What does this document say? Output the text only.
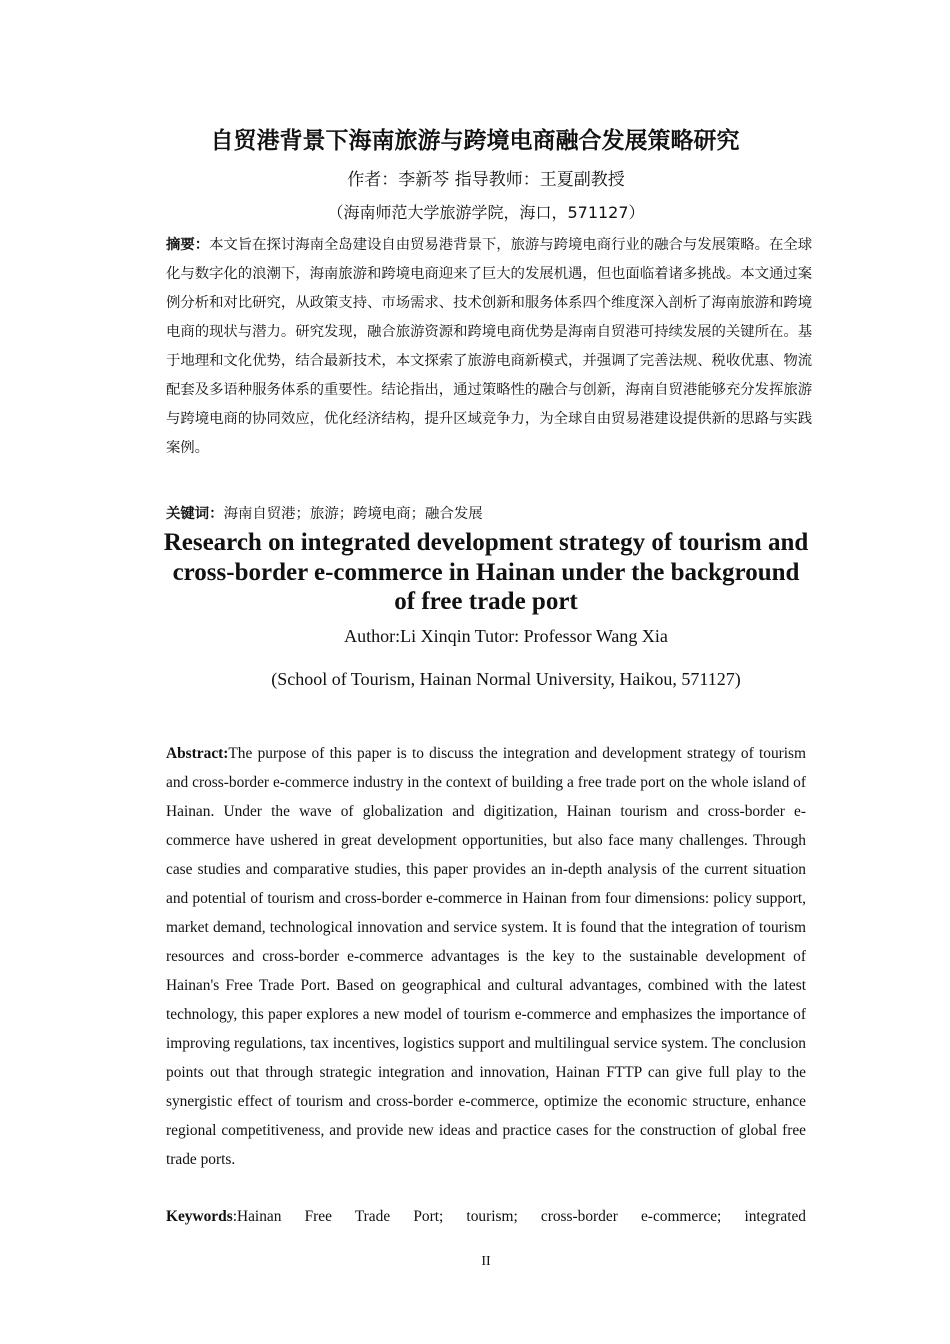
自贸港背景下海南旅游与跨境电商融合发展策略研究
作者：李新芩 指导教师：王夏副教授
（海南师范大学旅游学院，海口，571127）
摘要：本文旨在探讨海南全岛建设自由贸易港背景下，旅游与跨境电商行业的融合与发展策略。在全球化与数字化的浪潮下，海南旅游和跨境电商迎来了巨大的发展机遇，但也面临着诸多挑战。本文通过案例分析和对比研究，从政策支持、市场需求、技术创新和服务体系四个维度深入剖析了海南旅游和跨境电商的现状与潜力。研究发现，融合旅游资源和跨境电商优势是海南自贸港可持续发展的关键所在。基于地理和文化优势，结合最新技术，本文探索了旅游电商新模式，并强调了完善法规、税收优惠、物流配套及多语种服务体系的重要性。结论指出，通过策略性的融合与创新，海南自贸港能够充分发挥旅游与跨境电商的协同效应，优化经济结构，提升区域竞争力，为全球自由贸易港建设提供新的思路与实践案例。
关键词：海南自贸港；旅游；跨境电商；融合发展
Research on integrated development strategy of tourism and cross-border e-commerce in Hainan under the background of free trade port
Author:Li Xinqin Tutor: Professor Wang Xia
(School of Tourism, Hainan Normal University, Haikou, 571127)
Abstract:The purpose of this paper is to discuss the integration and development strategy of tourism and cross-border e-commerce industry in the context of building a free trade port on the whole island of Hainan. Under the wave of globalization and digitization, Hainan tourism and cross-border e-commerce have ushered in great development opportunities, but also face many challenges. Through case studies and comparative studies, this paper provides an in-depth analysis of the current situation and potential of tourism and cross-border e-commerce in Hainan from four dimensions: policy support, market demand, technological innovation and service system. It is found that the integration of tourism resources and cross-border e-commerce advantages is the key to the sustainable development of Hainan's Free Trade Port. Based on geographical and cultural advantages, combined with the latest technology, this paper explores a new model of tourism e-commerce and emphasizes the importance of improving regulations, tax incentives, logistics support and multilingual service system. The conclusion points out that through strategic integration and innovation, Hainan FTTP can give full play to the synergistic effect of tourism and cross-border e-commerce, optimize the economic structure, enhance regional competitiveness, and provide new ideas and practice cases for the construction of global free trade ports.
Keywords:Hainan Free Trade Port; tourism; cross-border e-commerce; integrated
II
